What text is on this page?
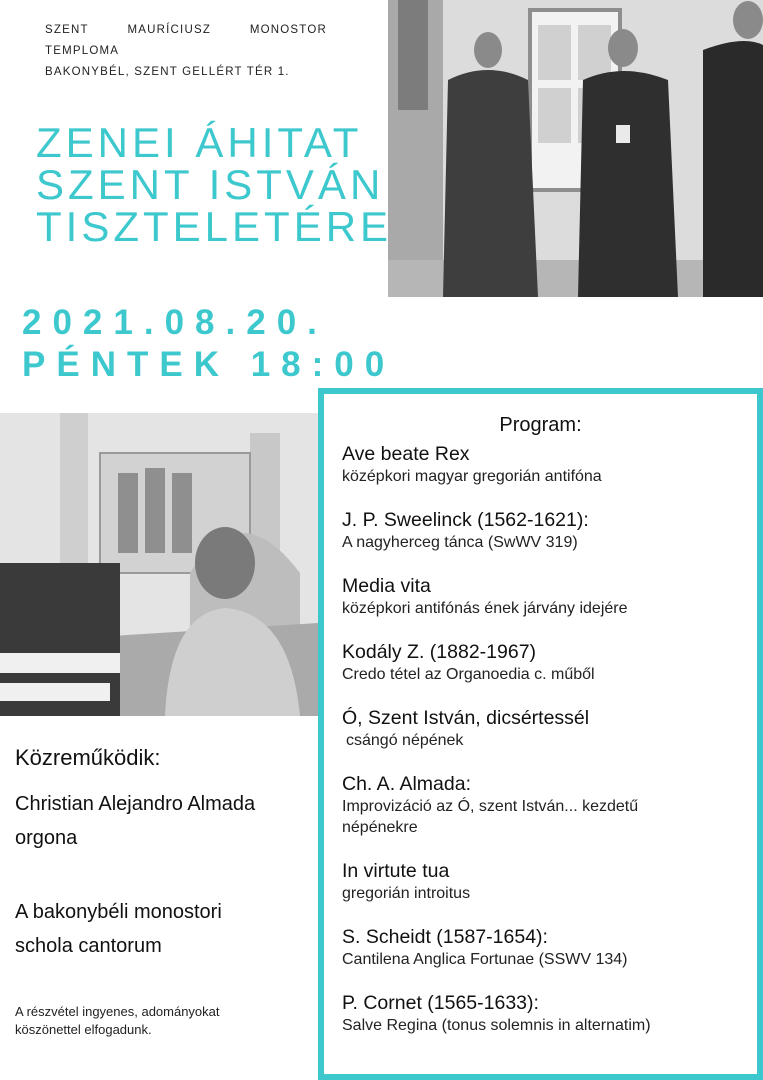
SZENT	MAURÍCIUSZ	MONOSTOR
TEMPLOMA
BAKONYBÉL, SZENT GELLÉRT TÉR 1.
ZENEI ÁHITAT
SZENT ISTVÁN
TISZTELETÉRE
2021.08.20.
PÉNTEK 18:00
Program:
Ave beate Rex
középkori magyar gregorián antifóna
J. P. Sweelinck (1562-1621):
A nagyherceg tánca (SwWV 319)
Media vita
középkori antifónás ének járvány idejére
Kodály Z. (1882-1967)
Credo tétel az Organoedia c. műből
Ó, Szent István, dicsértessél
csángó népének
Ch. A. Almada:
Improvizáció az Ó, szent István... kezdetű
népénekre
In virtute tua
gregorián introitus
S. Scheidt (1587-1654):
Cantilena Anglica Fortunae (SSWV 134)
P. Cornet (1565-1633):
Salve Regina (tonus solemnis in alternatim)
Közreműködik:
Christian Alejandro Almada
orgona
A bakonybéli monostori
schola cantorum
A részvétel ingyenes, adományokat
köszönettel elfogadunk.
